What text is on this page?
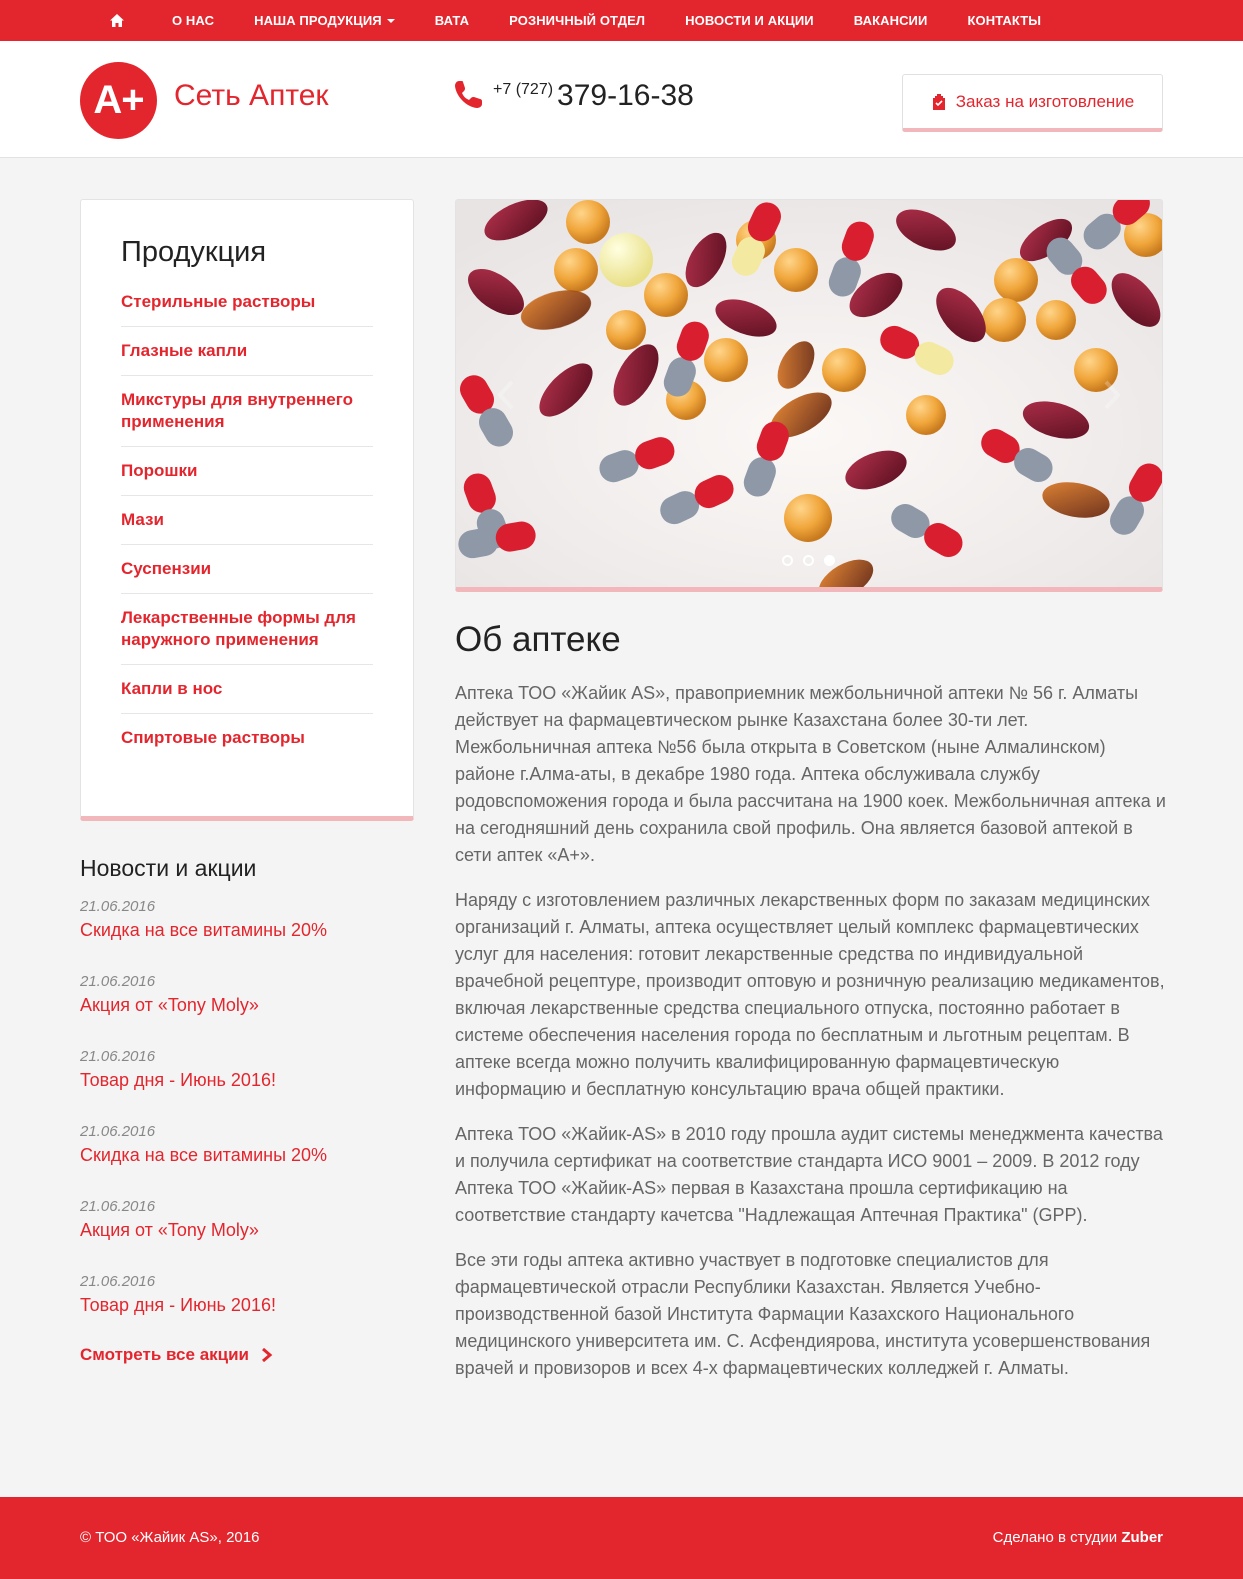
О НАС	НАША ПРОДУКЦИЯ	ВАТА	РОЗНИЧНЫЙ ОТДЕЛ	НОВОСТИ И АКЦИИ	ВАКАНСИИ	КОНТАКТЫ
A+	Сеть Аптек	+7 (727) 379-16-38	Заказ на изготовление
Продукция
Стерильные растворы
Глазные капли
Микстуры для внутреннего применения
Порошки
Мази
Суспензии
Лекарственные формы для наружного применения
Капли в нос
Спиртовые растворы
Новости и акции
21.06.2016
Скидка на все витамины 20%
21.06.2016
Акция от «Tony Moly»
21.06.2016
Товар дня - Июнь 2016!
21.06.2016
Скидка на все витамины 20%
21.06.2016
Акция от «Tony Moly»
21.06.2016
Товар дня - Июнь 2016!
Смотреть все акции
Об аптеке

Аптека ТОО «Жайик AS», правоприемник межбольничной аптеки № 56 г. Алматы действует на фармацевтическом рынке Казахстана более 30-ти лет. Межбольничная аптека №56 была открыта в Советском (ныне Алмалинском) районе г.Алма-аты, в декабре 1980 года. Аптека обслуживала службу родовспоможения города и была рассчитана на 1900 коек. Межбольничная аптека и на сегодняшний день сохранила свой профиль. Она является базовой аптекой в сети аптек «А+».

Наряду с изготовлением различных лекарственных форм по заказам медицинских организаций г. Алматы, аптека осуществляет целый комплекс фармацевтических услуг для населения: готовит лекарственные средства по индивидуальной врачебной рецептуре, производит оптовую и розничную реализацию медикаментов, включая лекарственные средства специального отпуска, постоянно работает в системе обеспечения населения города по бесплатным и льготным рецептам. В аптеке всегда можно получить квалифицированную фармацевтическую информацию и бесплатную консультацию врача общей практики.

Аптека ТОО «Жайик-AS» в 2010 году прошла аудит системы менеджмента качества и получила сертификат на соответствие стандарта ИСО 9001 – 2009. В 2012 году Аптека ТОО «Жайик-AS» первая в Казахстана прошла сертификацию на соответствие стандарту качетсва "Надлежащая Аптечная Практика" (GPP).

Все эти годы аптека активно участвует в подготовке специалистов для фармацевтической отрасли Республики Казахстан. Является Учебно-производственной базой Института Фармации Казахского Национального медицинского университета им. С. Асфендиярова, института усовершенствования врачей и провизоров и всех 4-х фармацевтических колледжей г. Алматы.

© ТОО «Жайик AS», 2016	Сделано в студии Zuber
